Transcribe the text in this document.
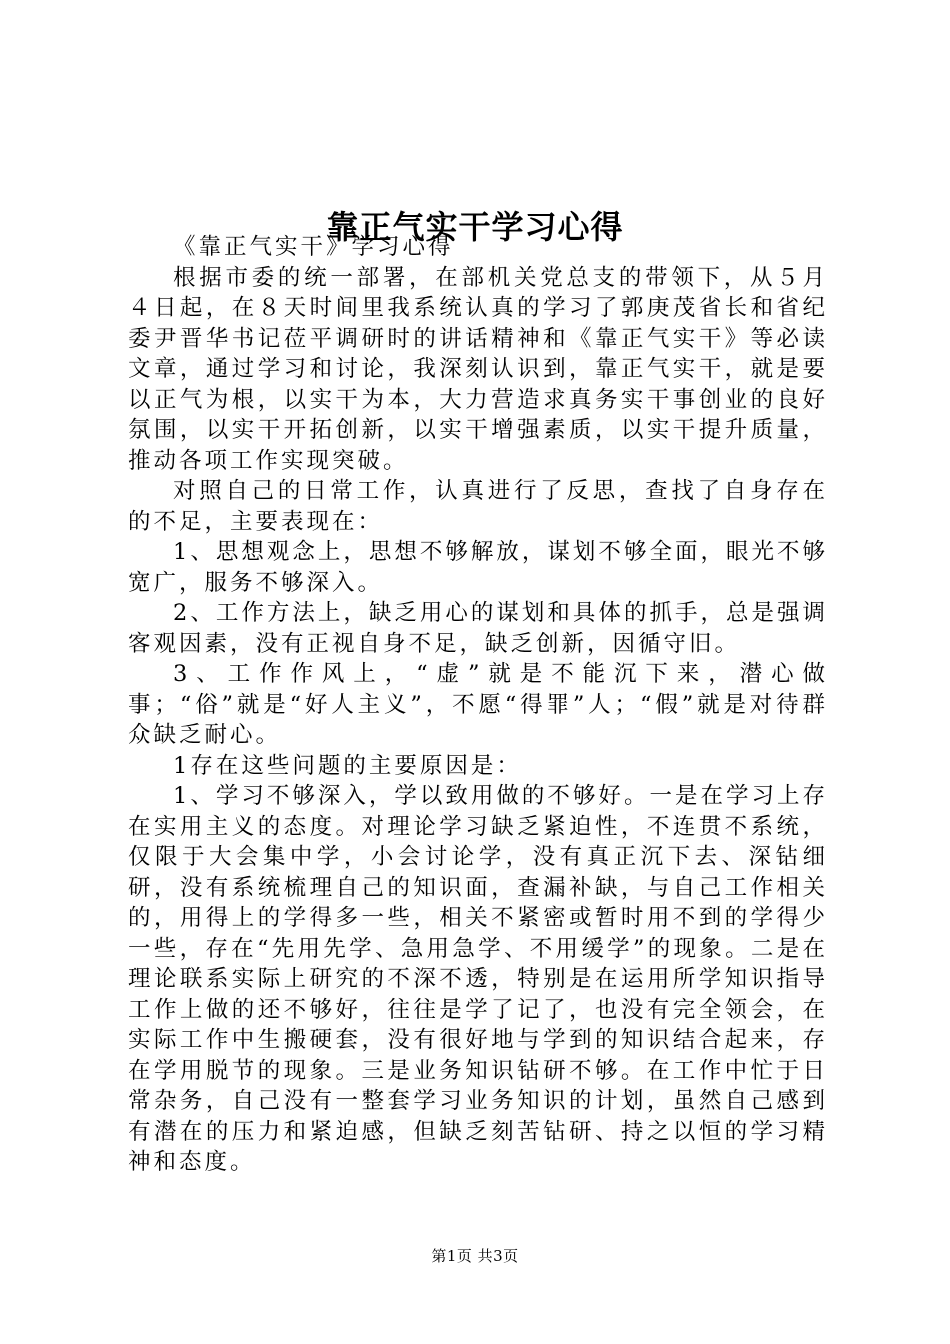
靠正气实干学习心得

《靠正气实干》学习心得

根据市委的统一部署，在部机关党总支的带领下，从５月４日起，在８天时间里我系统认真的学习了郭庚茂省长和省纪委尹晋华书记莅平调研时的讲话精神和《靠正气实干》等必读文章，通过学习和讨论，我深刻认识到，靠正气实干，就是要以正气为根，以实干为本，大力营造求真务实干事创业的良好氛围，以实干开拓创新，以实干增强素质，以实干提升质量，推动各项工作实现突破。

对照自己的日常工作，认真进行了反思，查找了自身存在的不足，主要表现在：

1、思想观念上，思想不够解放，谋划不够全面，眼光不够宽广，服务不够深入。

2、工作方法上，缺乏用心的谋划和具体的抓手，总是强调客观因素，没有正视自身不足，缺乏创新，因循守旧。

3、工作作风上，“虚”就是不能沉下来，潜心做事；“俗”就是“好人主义”，不愿“得罪”人；“假”就是对待群众缺乏耐心。

1存在这些问题的主要原因是：

1、学习不够深入，学以致用做的不够好。一是在学习上存在实用主义的态度。对理论学习缺乏紧迫性，不连贯不系统，仅限于大会集中学，小会讨论学，没有真正沉下去、深钻细研，没有系统梳理自己的知识面，查漏补缺，与自己工作相关的，用得上的学得多一些，相关不紧密或暂时用不到的学得少一些，存在“先用先学、急用急学、不用缓学”的现象。二是在理论联系实际上研究的不深不透，特别是在运用所学知识指导工作上做的还不够好，往往是学了记了，也没有完全领会，在实际工作中生搬硬套，没有很好地与学到的知识结合起来，存在学用脱节的现象。三是业务知识钻研不够。在工作中忙于日常杂务，自己没有一整套学习业务知识的计划，虽然自己感到有潜在的压力和紧迫感，但缺乏刻苦钻研、持之以恒的学习精神和态度。

第1页 共3页
